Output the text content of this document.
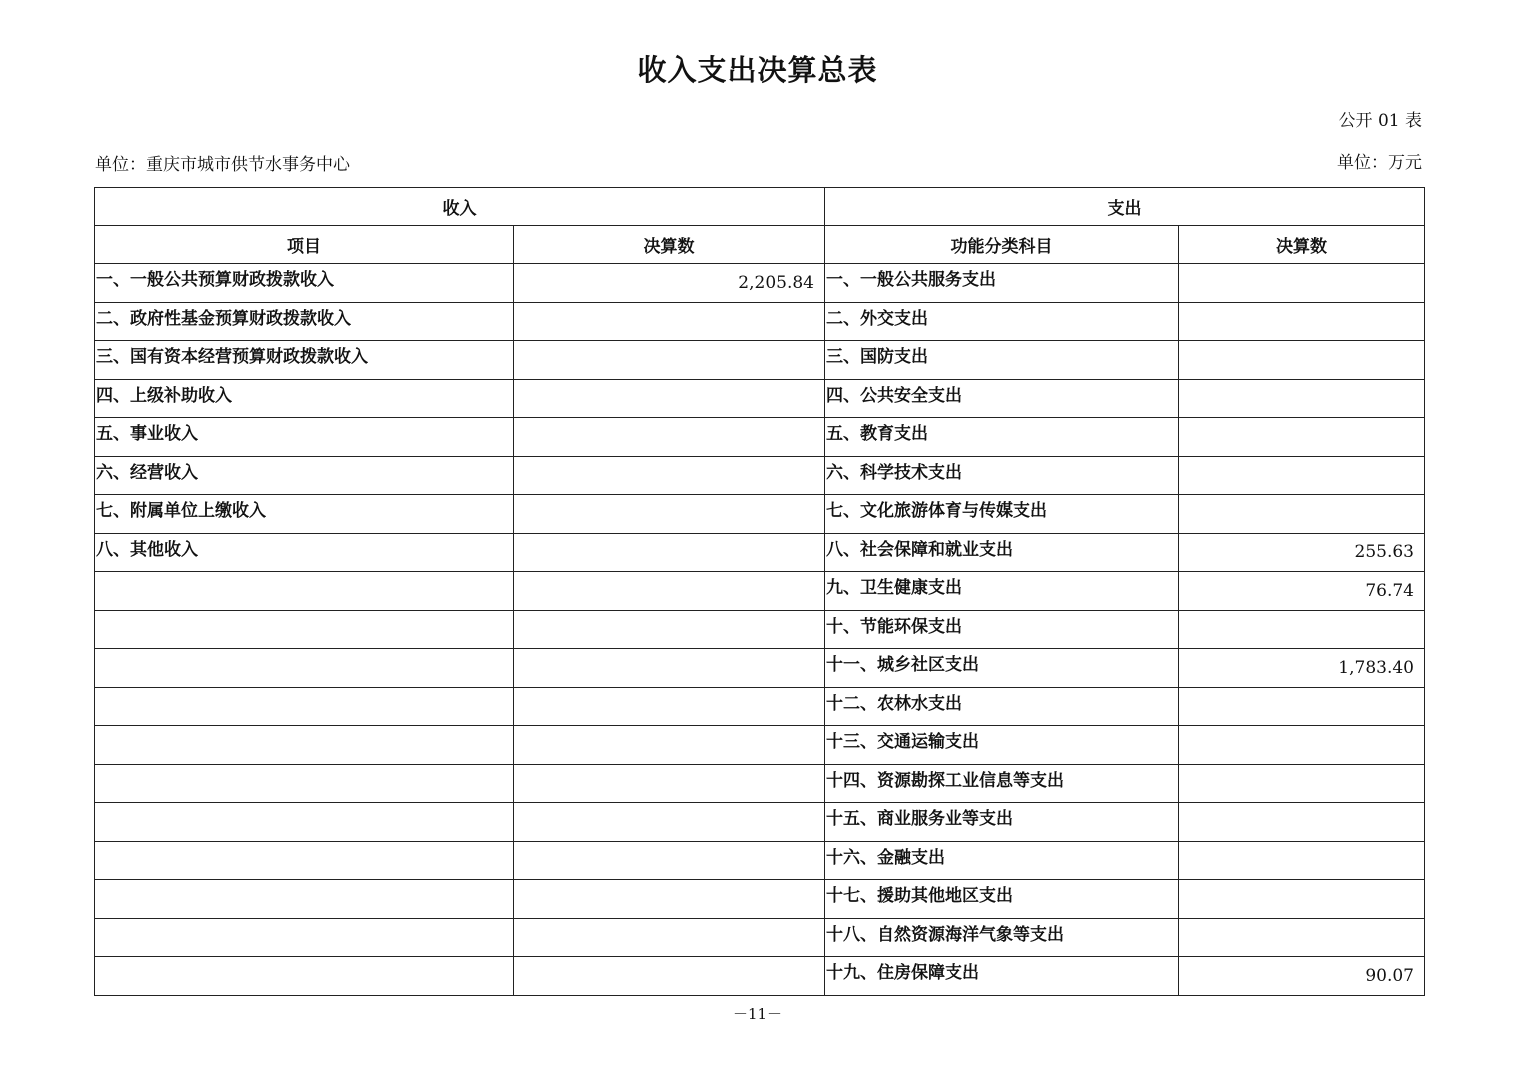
收入支出决算总表
公开 01 表
单位：重庆市城市供节水事务中心	单位：万元
收入		支出	
项目	决算数	功能分类科目	决算数
一、一般公共预算财政拨款收入	2,205.84	一、一般公共服务支出	
二、政府性基金预算财政拨款收入		二、外交支出	
三、国有资本经营预算财政拨款收入		三、国防支出	
四、上级补助收入		四、公共安全支出	
五、事业收入		五、教育支出	
六、经营收入		六、科学技术支出	
七、附属单位上缴收入		七、文化旅游体育与传媒支出	
八、其他收入		八、社会保障和就业支出	255.63
		九、卫生健康支出	76.74
		十、节能环保支出	
		十一、城乡社区支出	1,783.40
		十二、农林水支出	
		十三、交通运输支出	
		十四、资源勘探工业信息等支出	
		十五、商业服务业等支出	
		十六、金融支出	
		十七、援助其他地区支出	
		十八、自然资源海洋气象等支出	
		十九、住房保障支出	90.07
－11－
